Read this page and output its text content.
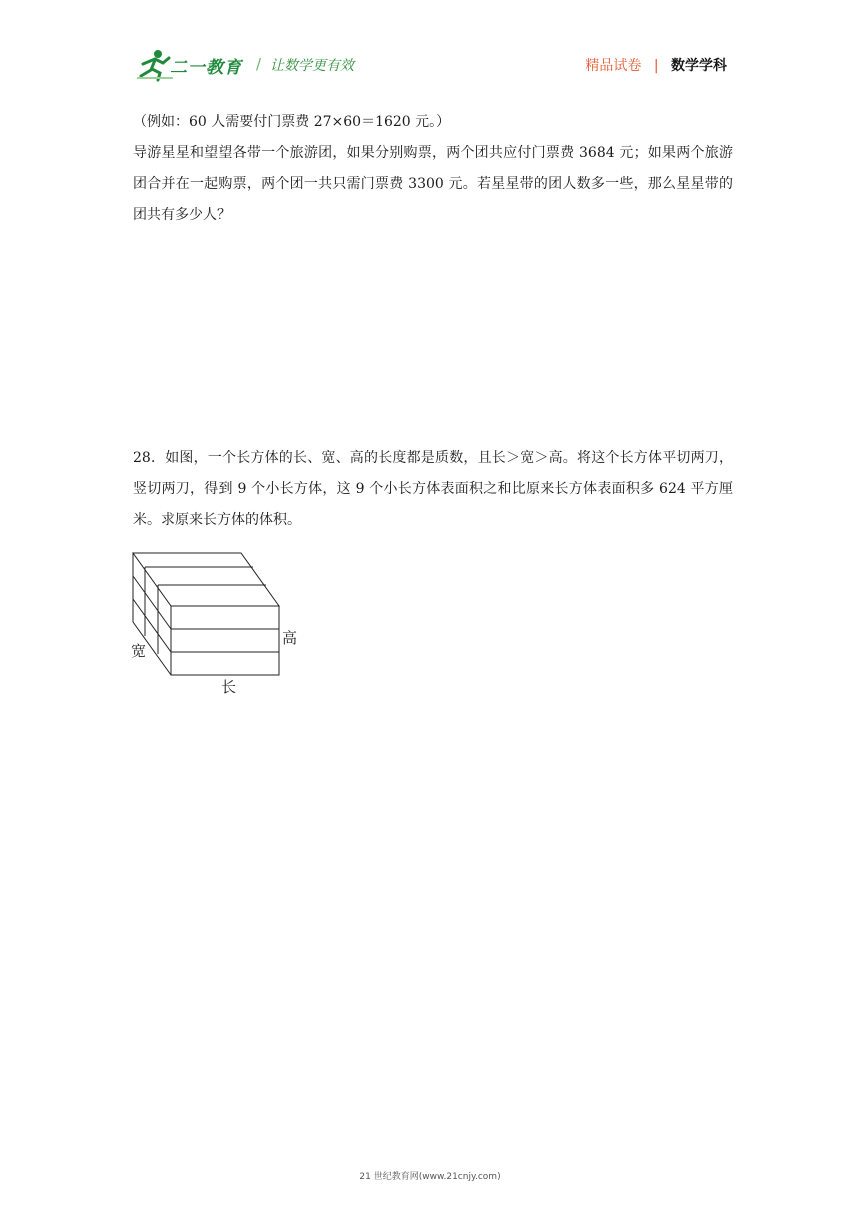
二一教育 / 让数学更有效	精品试卷 | 数学学科
（例如：60 人需要付门票费 27×60＝1620 元。）
导游星星和望望各带一个旅游团，如果分别购票，两个团共应付门票费 3684 元；如果两个旅游团合并在一起购票，两个团一共只需门票费 3300 元。若星星带的团人数多一些，那么星星带的团共有多少人？
28．如图，一个长方体的长、宽、高的长度都是质数，且长＞宽＞高。将这个长方体平切两刀，竖切两刀，得到 9 个小长方体，这 9 个小长方体表面积之和比原来长方体表面积多 624 平方厘米。求原来长方体的体积。
宽
高
长
21 世纪教育网(www.21cnjy.com)
